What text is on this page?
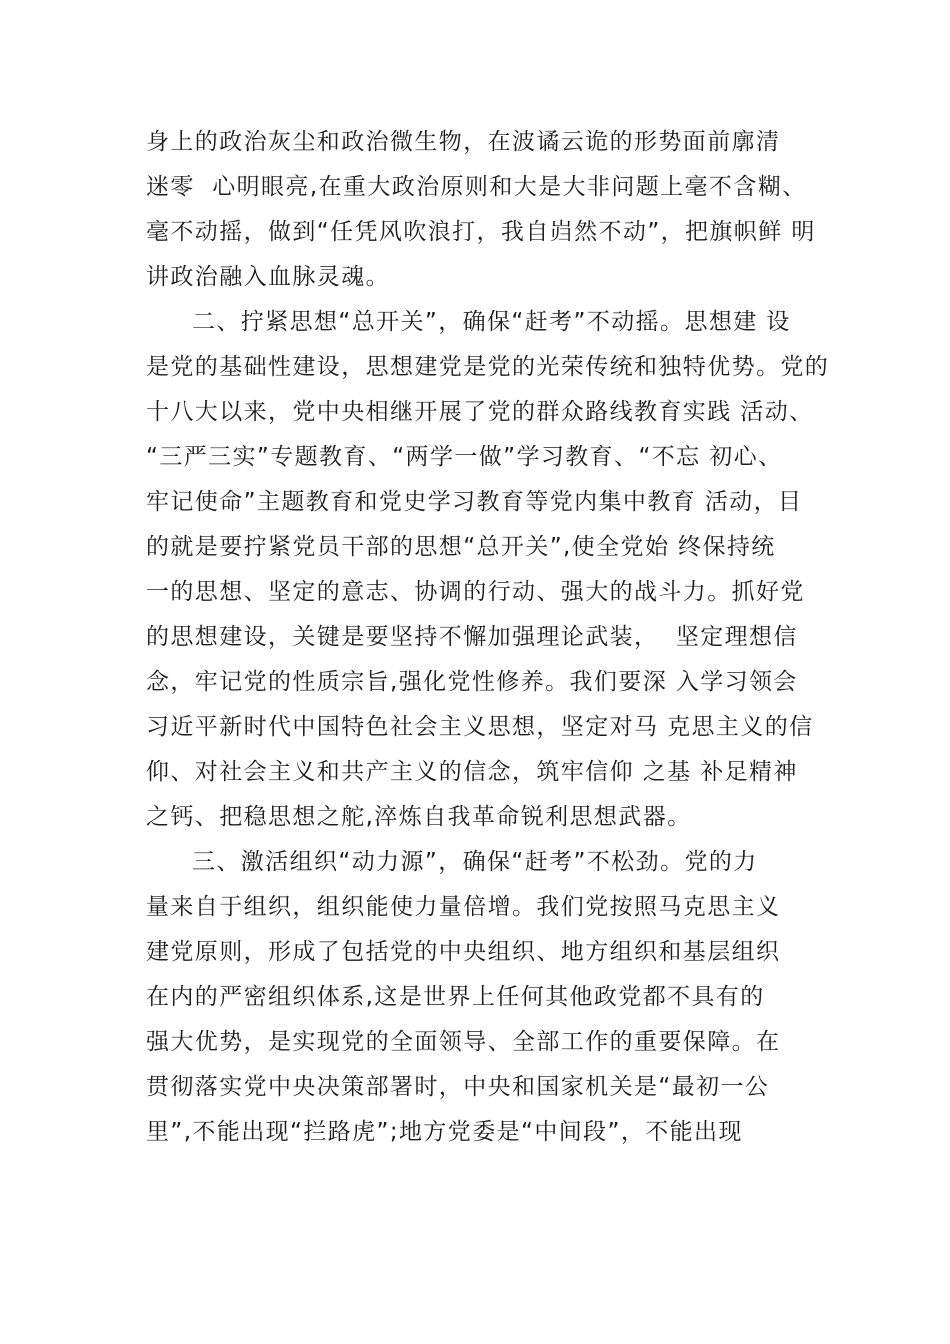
身上的政治灰尘和政治微生物，在波谲云诡的形势面前廓清
迷零  心明眼亮,在重大政治原则和大是大非问题上毫不含糊、
毫不动摇，做到“任凭风吹浪打，我自岿然不动”，把旗帜鲜 明
讲政治融入血脉灵魂。
二、拧紧思想“总开关”，确保“赶考”不动摇。思想建 设
是党的基础性建设，思想建党是党的光荣传统和独特优势。党的
十八大以来，党中央相继开展了党的群众路线教育实践 活动、
“三严三实”专题教育、“两学一做”学习教育、“不忘 初心、
牢记使命”主题教育和党史学习教育等党内集中教育 活动，目
的就是要拧紧党员干部的思想“总开关”,使全党始 终保持统
一的思想、坚定的意志、协调的行动、强大的战斗力。抓好党
的思想建设，关键是要坚持不懈加强理论武装，  坚定理想信
念，牢记党的性质宗旨,强化党性修养。我们要深 入学习领会
习近平新时代中国特色社会主义思想，坚定对马 克思主义的信
仰、对社会主义和共产主义的信念，筑牢信仰 之基 补足精神
之钙、把稳思想之舵,淬炼自我革命锐利思想武器。
三、激活组织“动力源”，确保“赶考”不松劲。党的力
量来自于组织，组织能使力量倍增。我们党按照马克思主义
建党原则，形成了包括党的中央组织、地方组织和基层组织
在内的严密组织体系,这是世界上任何其他政党都不具有的
强大优势，是实现党的全面领导、全部工作的重要保障。在
贯彻落实党中央决策部署时，中央和国家机关是“最初一公
里”,不能出现“拦路虎”;地方党委是“中间段”，不能出现
